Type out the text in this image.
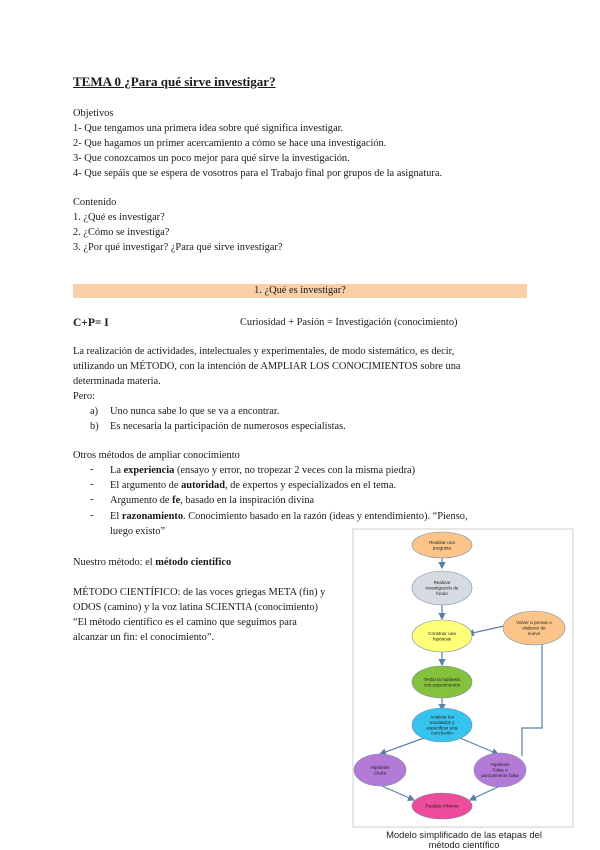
TEMA 0 ¿Para qué sirve investigar?
Objetivos
1- Que tengamos una primera idea sobre qué significa investigar.
2- Que hagamos un primer acercamiento a cómo se hace una investigación.
3- Que conozcamos un poco mejor para qué sirve la investigación.
4- Que sepáis que se espera de vosotros para el Trabajo final por grupos de la asignatura.
Contenido
1. ¿Qué es investigar?
2. ¿Cómo se investiga?
3. ¿Por qué investigar? ¿Para qué sirve investigar?
1. ¿Qué es investigar?
C+P= I	Curiosidad + Pasión = Investigación (conocimiento)
La realización de actividades, intelectuales y experimentales, de modo sistemático, es decir,
utilizando un MÉTODO, con la intención de AMPLIAR LOS CONOCIMIENTOS sobre una
determinada materia.
Pero:
a)	Uno nunca sabe lo que se va a encontrar.
b)	Es necesaria la participación de numerosos especialistas.
Otros métodos de ampliar conocimiento
- La experiencia (ensayo y error, no tropezar 2 veces con la misma piedra)
- El argumento de autoridad, de expertos y especializados en el tema.
- Argumento de fe, basado en la inspiración divina
- El razonamiento. Conocimiento basado en la razón (ideas y entendimiento). “Pienso,
luego existo”
Nuestro método: el método científico
MÉTODO CIENTÍFICO: de las voces griegas META (fin) y
ODOS (camino) y la voz latina SCIENTIA (conocimiento)
“El método científico es el camino que seguimos para
alcanzar un fin: el conocimiento”.
Realizar una
pregunta
Realizar
investigación de
fondo
Construir una
hipótesis
Volver a pensar o
elaborar de
nuevo
Testar la hipótesis
con experimentos
Analizar los
resultados y
especificar una
conclusión
Hipótesis
Cierta
Hipótesis
Falsa o
parcialmente falsa
Realizar informe
Modelo simplificado de las etapas del
método científico
